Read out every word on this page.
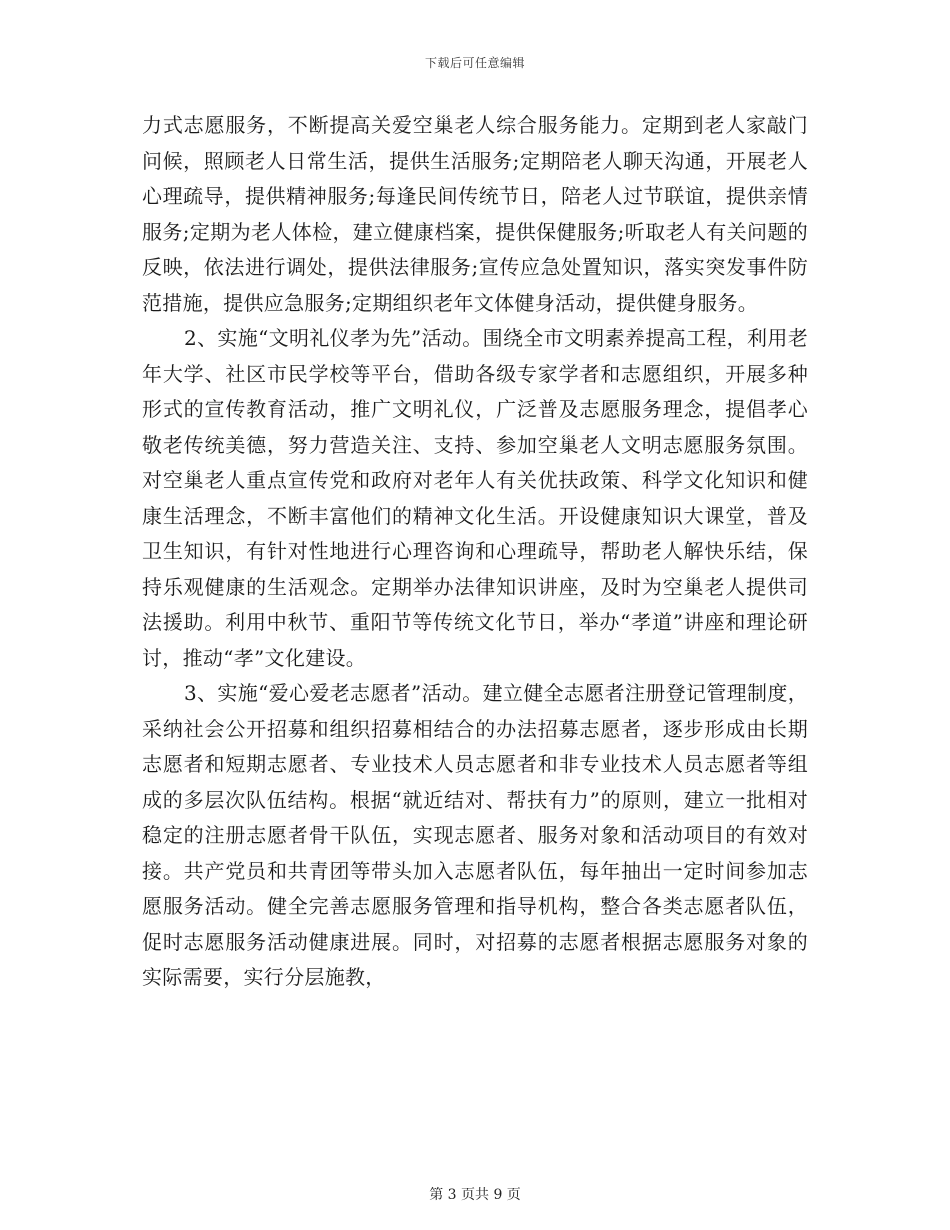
下载后可任意编辑

力式志愿服务，不断提高关爱空巢老人综合服务能力。定期到老人家敲门问候，照顾老人日常生活，提供生活服务;定期陪老人聊天沟通，开展老人心理疏导，提供精神服务;每逢民间传统节日，陪老人过节联谊，提供亲情服务;定期为老人体检，建立健康档案，提供保健服务;听取老人有关问题的反映，依法进行调处，提供法律服务;宣传应急处置知识，落实突发事件防范措施，提供应急服务;定期组织老年文体健身活动，提供健身服务。

2、实施“文明礼仪孝为先”活动。围绕全市文明素养提高工程，利用老年大学、社区市民学校等平台，借助各级专家学者和志愿组织，开展多种形式的宣传教育活动，推广文明礼仪，广泛普及志愿服务理念，提倡孝心敬老传统美德，努力营造关注、支持、参加空巢老人文明志愿服务氛围。对空巢老人重点宣传党和政府对老年人有关优扶政策、科学文化知识和健康生活理念，不断丰富他们的精神文化生活。开设健康知识大课堂，普及卫生知识，有针对性地进行心理咨询和心理疏导，帮助老人解快乐结，保持乐观健康的生活观念。定期举办法律知识讲座，及时为空巢老人提供司法援助。利用中秋节、重阳节等传统文化节日，举办“孝道”讲座和理论研讨，推动“孝”文化建设。

3、实施“爱心爱老志愿者”活动。建立健全志愿者注册登记管理制度，采纳社会公开招募和组织招募相结合的办法招募志愿者，逐步形成由长期志愿者和短期志愿者、专业技术人员志愿者和非专业技术人员志愿者等组成的多层次队伍结构。根据“就近结对、帮扶有力”的原则，建立一批相对稳定的注册志愿者骨干队伍，实现志愿者、服务对象和活动项目的有效对接。共产党员和共青团等带头加入志愿者队伍，每年抽出一定时间参加志愿服务活动。健全完善志愿服务管理和指导机构，整合各类志愿者队伍，促时志愿服务活动健康进展。同时，对招募的志愿者根据志愿服务对象的实际需要，实行分层施教，

第 3 页共 9 页
